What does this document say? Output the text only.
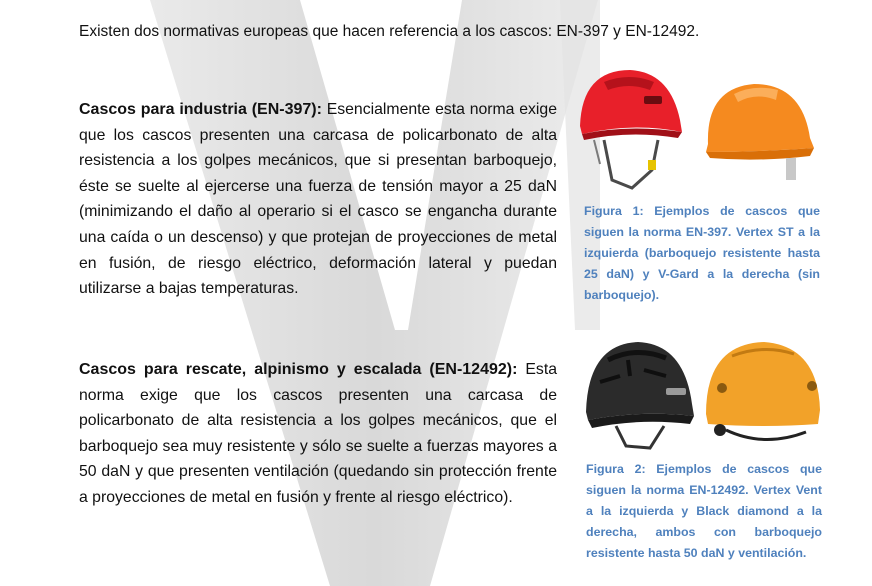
Existen dos normativas europeas que hacen referencia a los cascos: EN-397 y EN-12492.

Cascos para industria (EN-397): Esencialmente esta norma exige que los cascos presenten una carcasa de policarbonato de alta resistencia a los golpes mecánicos, que si presentan barboquejo, éste se suelte al ejercerse una fuerza de tensión mayor a 25 daN (minimizando el daño al operario si el casco se engancha durante una caída o un descenso) y que protejan de proyecciones de metal en fusión, de riesgo eléctrico, deformación lateral y puedan utilizarse a bajas temperaturas.
Cascos para rescate, alpinismo y escalada (EN-12492): Esta norma exige que los cascos presenten una carcasa de policarbonato de alta resistencia a los golpes mecánicos, que el barboquejo sea muy resistente y sólo se suelte a fuerzas mayores a 50 daN y que presenten ventilación (quedando sin protección frente a proyecciones de metal en fusión y frente al riesgo eléctrico).

Figura 1: Ejemplos de cascos que siguen la norma EN-397. Vertex ST a la izquierda (barboquejo resistente hasta 25 daN) y V-Gard a la derecha (sin barboquejo).

Figura 2: Ejemplos de cascos que siguen la norma EN-12492. Vertex Vent a la izquierda y Black diamond a la derecha, ambos con barboquejo resistente hasta 50 daN y ventilación.
